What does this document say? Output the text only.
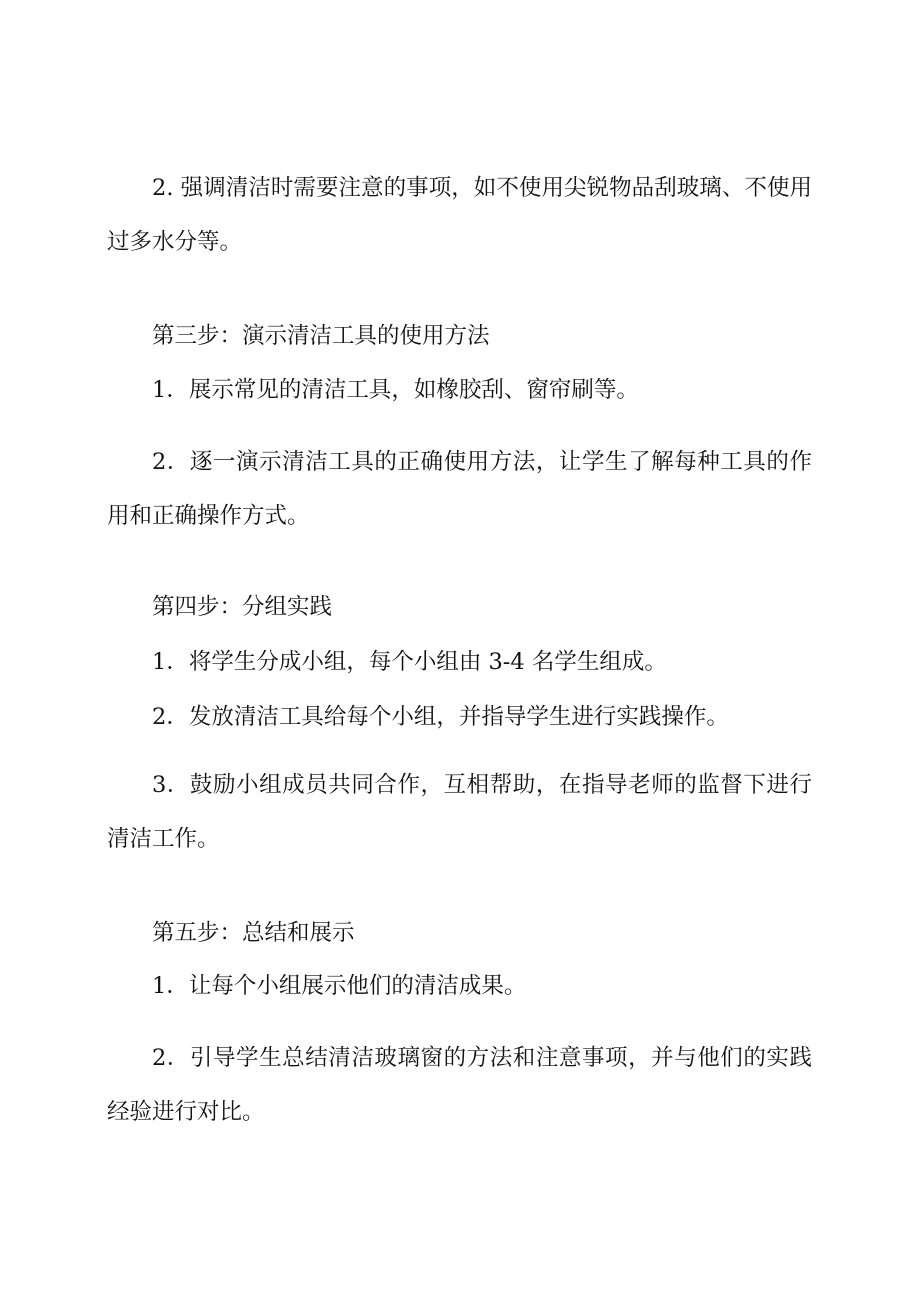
2. 强调清洁时需要注意的事项，如不使用尖锐物品刮玻璃、不使用过多水分等。

第三步：演示清洁工具的使用方法

1．展示常见的清洁工具，如橡胶刮、窗帘刷等。

2．逐一演示清洁工具的正确使用方法，让学生了解每种工具的作用和正确操作方式。

第四步：分组实践

1．将学生分成小组，每个小组由 3-4 名学生组成。

2．发放清洁工具给每个小组，并指导学生进行实践操作。

3．鼓励小组成员共同合作，互相帮助，在指导老师的监督下进行清洁工作。

第五步：总结和展示

1．让每个小组展示他们的清洁成果。

2．引导学生总结清洁玻璃窗的方法和注意事项，并与他们的实践经验进行对比。
